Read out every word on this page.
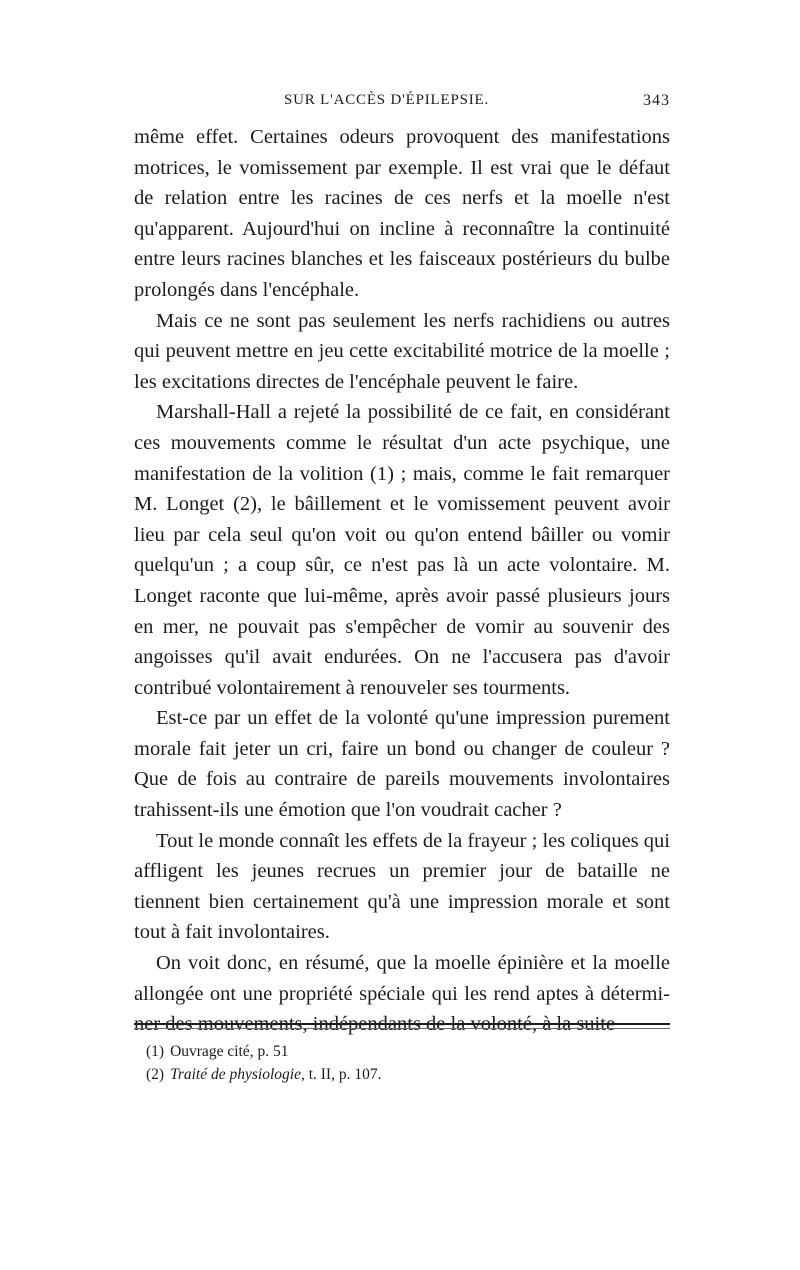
SUR L'ACCÈS D'ÉPILEPSIE.	343

même effet. Certaines odeurs provoquent des manifestations motrices, le vomissement par exemple. Il est vrai que le défaut de relation entre les racines de ces nerfs et la moelle n'est qu'apparent. Aujourd'hui on incline à reconnaître la continuité entre leurs racines blanches et les faisceaux postérieurs du bulbe prolongés dans l'encéphale.

Mais ce ne sont pas seulement les nerfs rachidiens ou autres qui peuvent mettre en jeu cette excitabilité motrice de la moelle ; les excitations directes de l'encéphale peuvent le faire.

Marshall-Hall a rejeté la possibilité de ce fait, en considérant ces mouvements comme le résultat d'un acte psychique, une manifestation de la volition (1) ; mais, comme le fait remarquer M. Longet (2), le bâillement et le vomissement peuvent avoir lieu par cela seul qu'on voit ou qu'on entend bâiller ou vomir quelqu'un ; a coup sûr, ce n'est pas là un acte volontaire. M. Longet raconte que lui-même, après avoir passé plusieurs jours en mer, ne pouvait pas s'empêcher de vomir au souvenir des angoisses qu'il avait endurées. On ne l'accusera pas d'avoir contribué volontairement à renouveler ses tourments.

Est-ce par un effet de la volonté qu'une impression purement morale fait jeter un cri, faire un bond ou changer de couleur ? Que de fois au contraire de pareils mouvements involontaires trahissent-ils une émotion que l'on voudrait cacher ?

Tout le monde connaît les effets de la frayeur ; les coliques qui affligent les jeunes recrues un premier jour de bataille ne tiennent bien certainement qu'à une impression morale et sont tout à fait involontaires.

On voit donc, en résumé, que la moelle épinière et la moelle allongée ont une propriété spéciale qui les rend aptes à détermi- ner des mouvements, indépendants de la volonté, à la suite

(1) Ouvrage cité, p. 51
(2) Traité de physiologie, t. II, p. 107.
